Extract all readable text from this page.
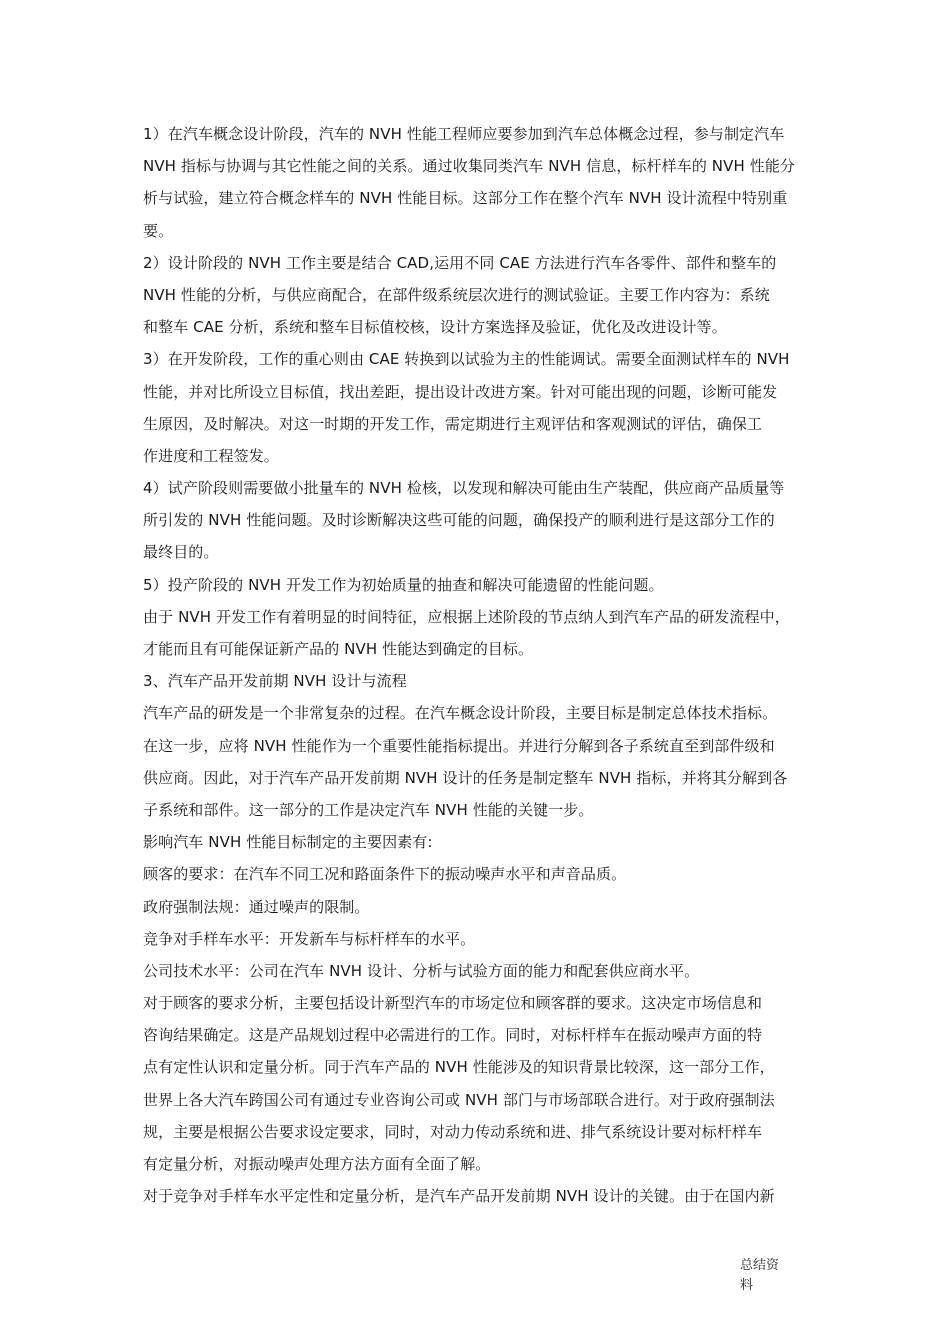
1）在汽车概念设计阶段，汽车的 NVH 性能工程师应要参加到汽车总体概念过程，参与制定汽车
NVH 指标与协调与其它性能之间的关系。通过收集同类汽车 NVH 信息，标杆样车的 NVH 性能分
析与试验，建立符合概念样车的 NVH 性能目标。这部分工作在整个汽车 NVH 设计流程中特别重
要。
2）设计阶段的 NVH 工作主要是结合 CAD,运用不同 CAE 方法进行汽车各零件、部件和整车的
NVH 性能的分析，与供应商配合，在部件级系统层次进行的测试验证。主要工作内容为：系统
和整车 CAE 分析，系统和整车目标值校核，设计方案选择及验证，优化及改进设计等。
3）在开发阶段，工作的重心则由 CAE 转换到以试验为主的性能调试。需要全面测试样车的 NVH
性能，并对比所设立目标值，找出差距，提出设计改进方案。针对可能出现的问题，诊断可能发
生原因，及时解决。对这一时期的开发工作，需定期进行主观评估和客观测试的评估，确保工
作进度和工程签发。
4）试产阶段则需要做小批量车的 NVH 检核，以发现和解决可能由生产装配，供应商产品质量等
所引发的 NVH 性能问题。及时诊断解决这些可能的问题，确保投产的顺利进行是这部分工作的
最终目的。
5）投产阶段的 NVH 开发工作为初始质量的抽查和解决可能遗留的性能问题。
由于 NVH 开发工作有着明显的时间特征，应根据上述阶段的节点纳人到汽车产品的研发流程中，
才能而且有可能保证新产品的 NVH 性能达到确定的目标。
3、汽车产品开发前期 NVH 设计与流程
汽车产品的研发是一个非常复杂的过程。在汽车概念设计阶段，主要目标是制定总体技术指标。
在这一步，应将 NVH 性能作为一个重要性能指标提出。并进行分解到各子系统直至到部件级和
供应商。因此，对于汽车产品开发前期 NVH 设计的任务是制定整车 NVH 指标，并将其分解到各
子系统和部件。这一部分的工作是决定汽车 NVH 性能的关键一步。
影响汽车 NVH 性能目标制定的主要因素有:
顾客的要求：在汽车不同工况和路面条件下的振动噪声水平和声音品质。
政府强制法规：通过噪声的限制。
竞争对手样车水平：开发新车与标杆样车的水平。
公司技术水平：公司在汽车 NVH 设计、分析与试验方面的能力和配套供应商水平。
对于顾客的要求分析，主要包括设计新型汽车的市场定位和顾客群的要求。这决定市场信息和
咨询结果确定。这是产品规划过程中必需进行的工作。同时，对标杆样车在振动噪声方面的特
点有定性认识和定量分析。同于汽车产品的 NVH 性能涉及的知识背景比较深，这一部分工作，
世界上各大汽车跨国公司有通过专业咨询公司或 NVH 部门与市场部联合进行。对于政府强制法
规，主要是根据公告要求设定要求，同时，对动力传动系统和进、排气系统设计要对标杆样车
有定量分析，对振动噪声处理方法方面有全面了解。
对于竞争对手样车水平定性和定量分析，是汽车产品开发前期 NVH 设计的关键。由于在国内新
总结资
料
